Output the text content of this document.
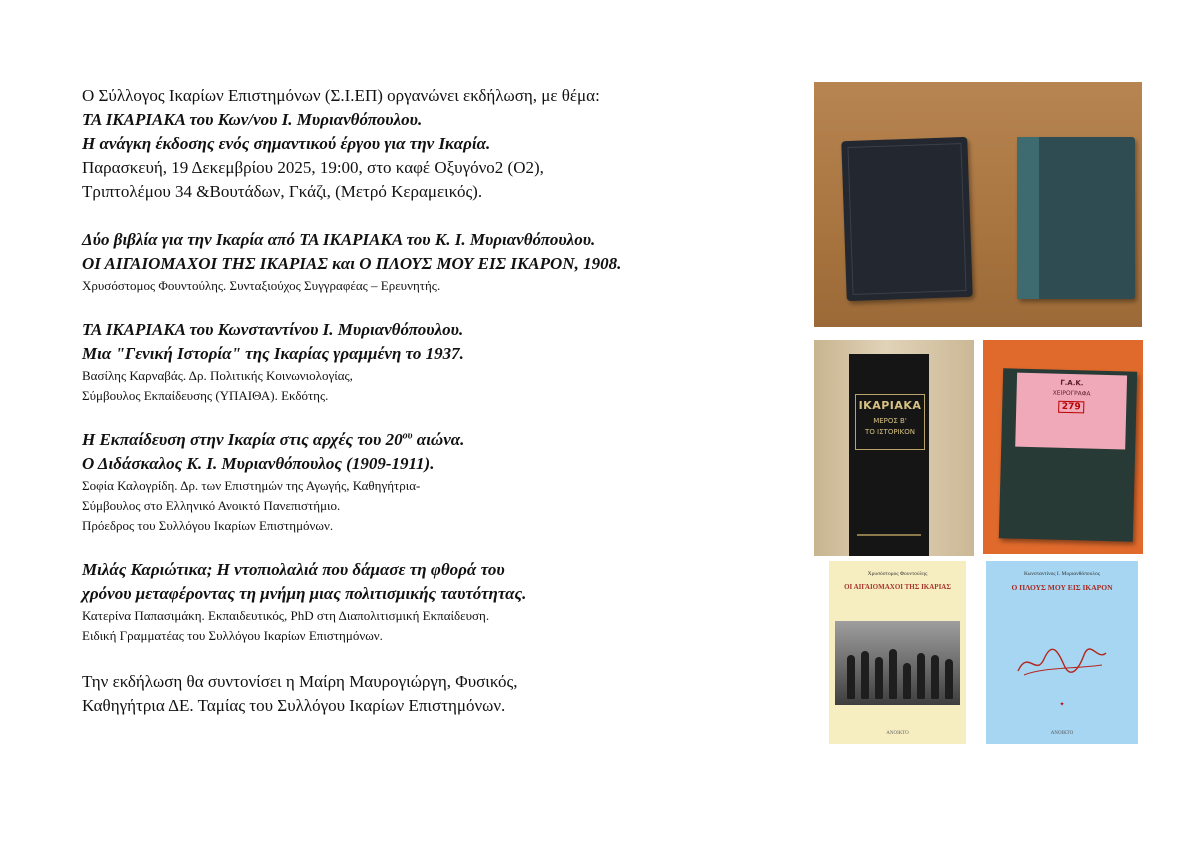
Ο Σύλλογος Ικαρίων Επιστημόνων (Σ.Ι.ΕΠ) οργανώνει εκδήλωση, με θέμα:

ΤΑ ΙΚΑΡΙΑΚΑ του Κων/νου Ι. Μυριανθόπουλου.

Η ανάγκη έκδοσης ενός σημαντικού έργου για την Ικαρία.

Παρασκευή, 19 Δεκεμβρίου 2025, 19:00, στο καφέ Οξυγόνο2 (Ο2),

Τριπτολέμου 34 &Βουτάδων, Γκάζι, (Μετρό Κεραμεικός).

Δύο βιβλία για την Ικαρία από ΤΑ ΙΚΑΡΙΑΚΑ του Κ. Ι. Μυριανθόπουλου.

ΟΙ ΑΙΓΑΙΟΜΑΧΟΙ ΤΗΣ ΙΚΑΡΙΑΣ και Ο ΠΛΟΥΣ ΜΟΥ ΕΙΣ ΙΚΑΡΟΝ, 1908.

Χρυσόστομος Φουντούλης. Συνταξιούχος Συγγραφέας – Ερευνητής.

ΤΑ ΙΚΑΡΙΑΚΑ του Κωνσταντίνου Ι. Μυριανθόπουλου.

Μια "Γενική Ιστορία" της Ικαρίας γραμμένη το 1937.

Βασίλης Καρναβάς. Δρ. Πολιτικής Κοινωνιολογίας,

Σύμβουλος Εκπαίδευσης (ΥΠΑΙΘΑ). Εκδότης.

Η Εκπαίδευση στην Ικαρία στις αρχές του $20^{o\upsilon}$ αιώνα.

Ο Διδάσκαλος Κ. Ι. Μυριανθόπουλος (1909-1911).

Σοφία Καλογρίδη. Δρ. των Επιστημών της Αγωγής, Καθηγήτρια-

Σύμβουλος στο Ελληνικό Ανοικτό Πανεπιστήμιο.

Πρόεδρος του Συλλόγου Ικαρίων Επιστημόνων.

Μιλάς Καριώτικα; Η ντοπιολαλιά που δάμασε τη φθορά του

χρόνου μεταφέροντας τη μνήμη μιας πολιτισμικής ταυτότητας.

Κατερίνα Παπασιμάκη. Εκπαιδευτικός, PhD στη Διαπολιτισμική Εκπαίδευση.

Ειδική Γραμματέας του Συλλόγου Ικαρίων Επιστημόνων.

Την εκδήλωση θα συντονίσει η Μαίρη Μαυρογιώργη, Φυσικός,

Καθηγήτρια ΔΕ. Ταμίας του Συλλόγου Ικαρίων Επιστημόνων.

ΙΚΑΡΙΑΚΑ
ΜΕΡΟΣ Β'
ΤΟ ΙΣΤΟΡΙΚΟΝ
Γ.Α.Κ.
ΧΕΙΡΟΓΡΑΦΑ
279
Χρυσόστομος Φουντούλης
ΟΙ ΑΙΓΑΙΟΜΑΧΟΙ ΤΗΣ ΙΚΑΡΙΑΣ
ΑΝΟΙΚΤΟ
Κωνσταντίνος Ι. Μυριανθόπουλος
Ο ΠΛΟΥΣ ΜΟΥ ΕΙΣ ΙΚΑΡΟΝ
✦
ΑΝΟΙΚΤΟ
